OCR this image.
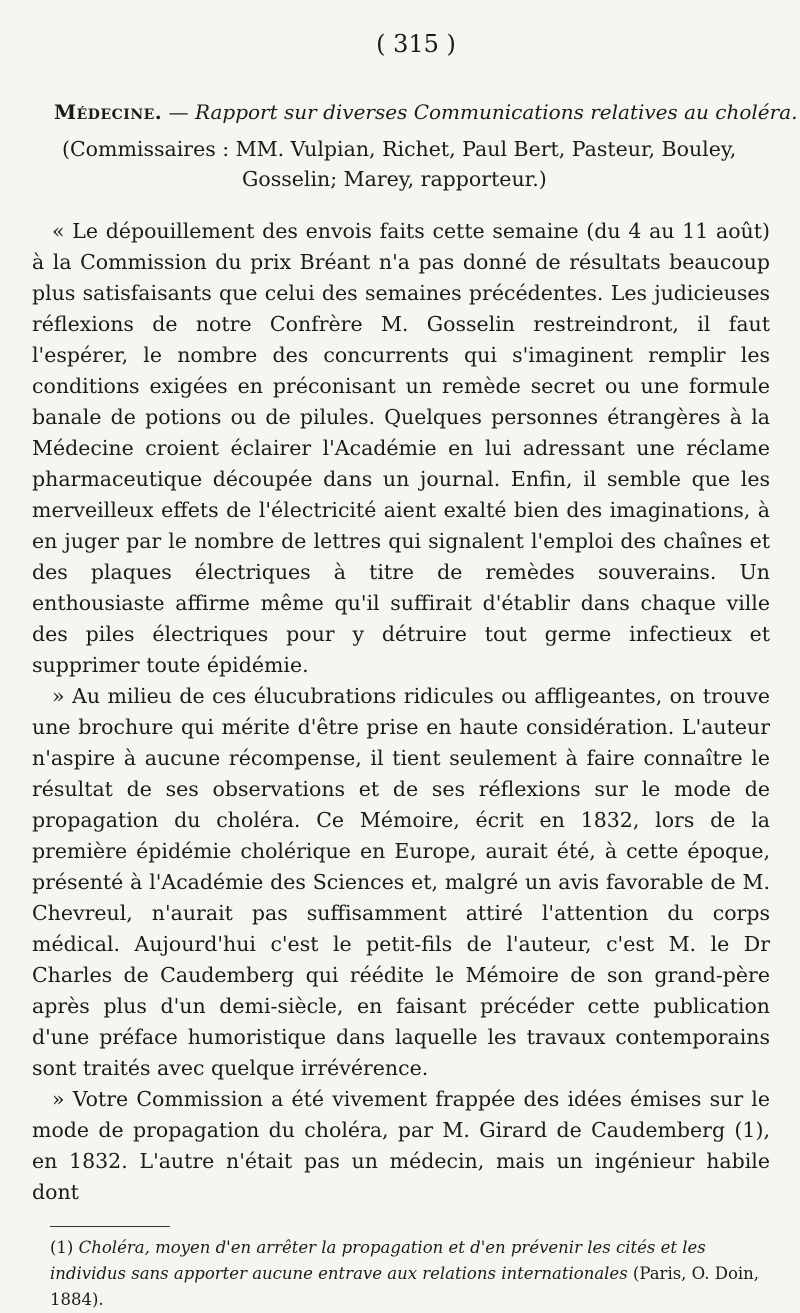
( 315 )
Médecine. — Rapport sur diverses Communications relatives au choléra.
(Commissaires : MM. Vulpian, Richet, Paul Bert, Pasteur, Bouley,
Gosselin; Marey, rapporteur.)

« Le dépouillement des envois faits cette semaine (du 4 au 11 août) à la Commission du prix Bréant n'a pas donné de résultats beaucoup plus satisfaisants que celui des semaines précédentes. Les judicieuses réflexions de notre Confrère M. Gosselin restreindront, il faut l'espérer, le nombre des concurrents qui s'imaginent remplir les conditions exigées en préconisant un remède secret ou une formule banale de potions ou de pilules. Quelques personnes étrangères à la Médecine croient éclairer l'Académie en lui adressant une réclame pharmaceutique découpée dans un journal. Enfin, il semble que les merveilleux effets de l'électricité aient exalté bien des imaginations, à en juger par le nombre de lettres qui signalent l'emploi des chaînes et des plaques électriques à titre de remèdes souverains. Un enthousiaste affirme même qu'il suffirait d'établir dans chaque ville des piles électriques pour y détruire tout germe infectieux et supprimer toute épidémie.

» Au milieu de ces élucubrations ridicules ou affligeantes, on trouve une brochure qui mérite d'être prise en haute considération. L'auteur n'aspire à aucune récompense, il tient seulement à faire connaître le résultat de ses observations et de ses réflexions sur le mode de propagation du choléra. Ce Mémoire, écrit en 1832, lors de la première épidémie cholérique en Europe, aurait été, à cette époque, présenté à l'Académie des Sciences et, malgré un avis favorable de M. Chevreul, n'aurait pas suffisamment attiré l'attention du corps médical. Aujourd'hui c'est le petit-fils de l'auteur, c'est M. le Dr Charles de Caudemberg qui réédite le Mémoire de son grand-père après plus d'un demi-siècle, en faisant précéder cette publication d'une préface humoristique dans laquelle les travaux contemporains sont traités avec quelque irrévérence.

» Votre Commission a été vivement frappée des idées émises sur le mode de propagation du choléra, par M. Girard de Caudemberg (1), en 1832. L'autre n'était pas un médecin, mais un ingénieur habile dont

(1) Choléra, moyen d'en arrêter la propagation et d'en prévenir les cités et les individus sans apporter aucune entrave aux relations internationales (Paris, O. Doin, 1884).
